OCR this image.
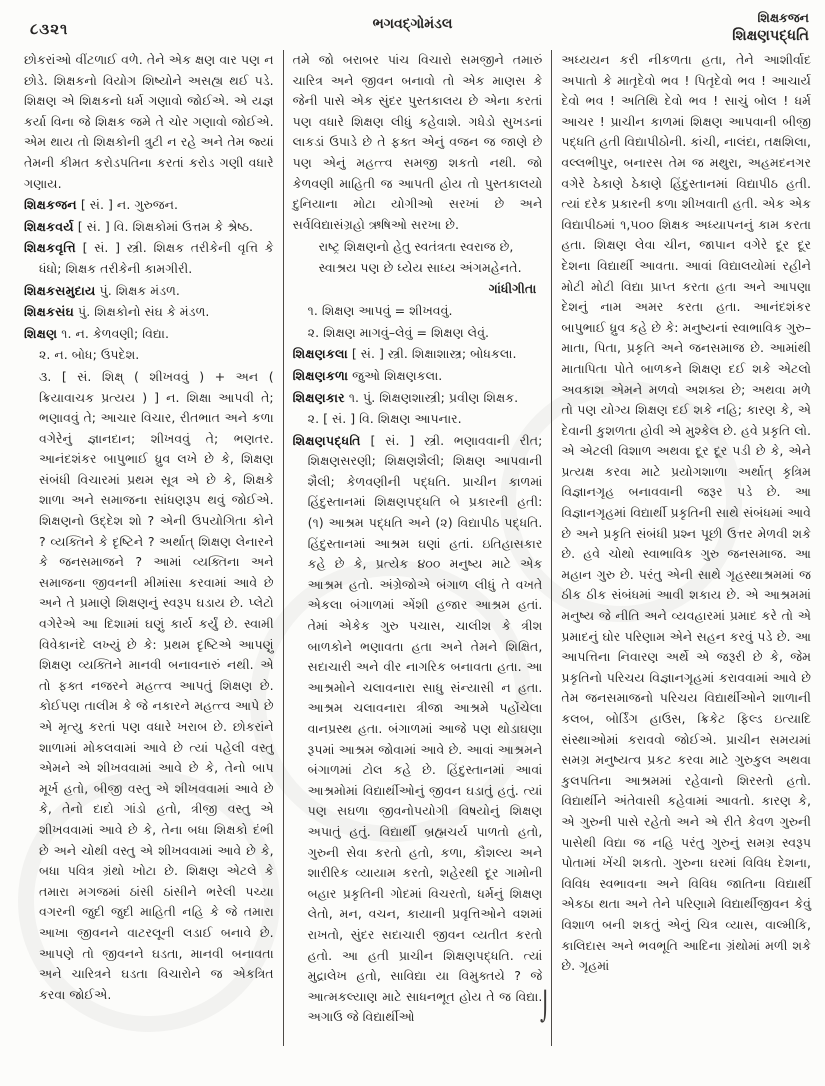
૮૩૨૧	ભગવદ્ગોમંડલ	શિક્ષકજન
શિક્ષણપદ્ધતિ

છોકરાંઓ વીંટળાઈ વળે. તેને એક ક્ષણ વાર પણ ન છોડે. શિક્ષકનો વિયોગ શિષ્યોને અસહ્ય થઈ પડે. શિક્ષણ એ શિક્ષકનો ધર્મ ગણાવો જોઈએ. એ યજ્ઞ કર્યા વિના જે શિક્ષક જમે તે ચોર ગણાવો જોઈએ. એમ થાય તો શિક્ષકોની ત્રુટી ન રહે અને તેમ જ્યાં તેમની કીમત કરોડપતિના કરતાં કરોડ ગણી વધારે ગણાય.

શિક્ષકજન [ સં. ] ન. ગુરુજન.

શિક્ષકવર્ય [ સં. ] વિ. શિક્ષકોમાં ઉત્તમ કે શ્રેષ્ઠ.

શિક્ષકવૃત્તિ [ સં. ] સ્ત્રી. શિક્ષક તરીકેની વૃત્તિ કે ધંધો; શિક્ષક તરીકેની કામગીરી.

શિક્ષકસમુદાય પું. શિક્ષક મંડળ.

શિક્ષકસંઘ પું. શિક્ષકોનો સંઘ કે મંડળ.

શિક્ષણ ૧. ન. કેળવણી; વિદ્યા.

૨. ન. બોધ; ઉપદેશ.

૩. [ સં. શિક્ષ્ ( શીખવવું ) + અન ( ક્રિયાવાચક પ્રત્યય ) ] ન. શિક્ષા આપવી તે; ભણાવવું તે; આચાર વિચાર, રીતભાત અને કળા વગેરેનું જ્ઞાનદાન; શીખવવું તે; ભણતર. આનંદશંકર બાપુભાઈ ધ્રુવ લખે છે કે, શિક્ષણ સંબંધી વિચારમાં પ્રથમ સૂત્ર એ છે કે, શિક્ષકે શાળા અને સમાજના સાંધણરૂપ થવું જોઈએ. શિક્ષણનો ઉદ્દેશ શો ? એની ઉપયોગિતા કોને ? વ્યક્તિને કે દૃષ્ટિને ? અર્થાત્ શિક્ષણ લેનારને કે જનસમાજને ? આમાં વ્યક્તિના અને સમાજના જીવનની મીમાંસા કરવામાં આવે છે અને તે પ્રમાણે શિક્ષણનું સ્વરૂપ ઘડાય છે. પ્લેટો વગેરેએ આ દિશામાં ઘણું કાર્ય કર્યું છે. સ્વામી વિવેકાનંદે લખ્યું છે કે: પ્રથમ દૃષ્ટિએ આપણું શિક્ષણ વ્યક્તિને માનવી બનાવનારું નથી. એ તો ફક્ત નજરને મહત્ત્વ આપતું શિક્ષણ છે. કોઈપણ તાલીમ કે જે નકારને મહત્ત્વ આપે છે એ મૃત્યુ કરતાં પણ વધારે ખરાબ છે. છોકરાંને શાળામાં મોકલવામાં આવે છે ત્યાં પહેલી વસ્તુ એમને એ શીખવવામાં આવે છે કે, તેનો બાપ મૂર્ખ હતો, બીજી વસ્તુ એ શીખવવામાં આવે છે કે, તેનો દાદો ગાંડો હતો, ત્રીજી વસ્તુ એ શીખવવામાં આવે છે કે, તેના બધા શિક્ષકો દંભી છે અને ચોથી વસ્તુ એ શીખવવામાં આવે છે કે, બધા પવિત્ર ગ્રંથો ખોટા છે. શિક્ષણ એટલે કે તમારા મગજમાં ઠાંસી ઠાંસીને ભરેલી પચ્યા વગરની જુદી જુદી માહિતી નહિ કે જે તમારા આખા જીવનને વાટરલૂની લડાઈ બનાવે છે. આપણે તો જીવનને ઘડતા, માનવી બનાવતા અને ચારિત્રને ઘડતા વિચારોને જ એકત્રિત કરવા જોઈએ.

તમે જો બરાબર પાંચ વિચારો સમજીને તમારું ચારિત્ર અને જીવન બનાવો તો એક માણસ કે જેની પાસે એક સુંદર પુસ્તકાલય છે એના કરતાં પણ વધારે શિક્ષણ લીધું કહેવાશે. ગધેડો સુખડનાં લાકડાં ઉપાડે છે તે ફક્ત એનું વજન જ જાણે છે પણ એનું મહત્ત્વ સમજી શકતો નથી. જો કેળવણી માહિતી જ આપતી હોય તો પુસ્તકાલયો દુનિયાના મોટા યોગીઓ સરખાં છે અને સર્વવિદ્યાસંગ્રહો ઋષિઓ સરખા છે.

રાષ્ટ્ર શિક્ષણનો હેતુ સ્વતંત્રતા સ્વરાજ છે,
સ્વાશ્રય પણ છે ધ્યેય સાધ્ય અંગમહેનતે.
ગાંધીગીતા

૧. શિક્ષણ આપવું = શીખવવું.

૨. શિક્ષણ માગવું–લેવું = શિક્ષણ લેવું.

શિક્ષણકલા [ સં. ] સ્ત્રી. શિક્ષાશાસ્ત્ર; બોધકલા.

શિક્ષણકળા જુઓ શિક્ષણકલા.

શિક્ષણકાર ૧. પું. શિક્ષણશાસ્ત્રી; પ્રવીણ શિક્ષક.

૨. [ સં. ] વિ. શિક્ષણ આપનાર.

શિક્ષણપદ્ધતિ [ સં. ] સ્ત્રી. ભણાવવાની રીત; શિક્ષણસરણી; શિક્ષણશૈલી; શિક્ષણ આપવાની શૈલી; કેળવણીની પદ્ધતિ. પ્રાચીન કાળમાં હિંદુસ્તાનમાં શિક્ષણપદ્ધતિ બે પ્રકારની હતી: (૧) આશ્રમ પદ્ધતિ અને (૨) વિદ્યાપીઠ પદ્ધતિ. હિંદુસ્તાનમાં આશ્રમ ઘણાં હતાં. ઇતિહાસકાર કહે છે કે, પ્રત્યેક ૪૦૦ મનુષ્ય માટે એક આશ્રમ હતો. અંગ્રેજોએ બંગાળ લીધું તે વખતે એકલા બંગાળમાં એંશી હજાર આશ્રમ હતાં. તેમાં એકેક ગુરુ પચાસ, ચાલીશ કે ત્રીશ બાળકોને ભણાવતા હતા અને તેમને શિક્ષિત, સદાચારી અને વીર નાગરિક બનાવતા હતા. આ આશ્રમોને ચલાવનારા સાધુ સંન્યાસી ન હતા. આશ્રમ ચલાવનારા ત્રીજા આશ્રમે પહોંચેલા વાનપ્રસ્થ હતા. બંગાળમાં આજે પણ થોડાઘણા રૂપમાં આશ્રમ જોવામાં આવે છે. આવાં આશ્રમને બંગાળમાં ટોલ કહે છે. હિંદુસ્તાનમાં આવાં આશ્રમોમાં વિદ્યાર્થીઓનું જીવન ઘડાતું હતું. ત્યાં પણ સઘળા જીવનોપયોગી વિષયોનું શિક્ષણ અપાતું હતું. વિદ્યાર્થી બ્રહ્મચર્ય પાળતો હતો, ગુરુની સેવા કરતો હતો, કળા, કૌશલ્ય અને શારીરિક વ્યાયામ કરતો, શહેરથી દૂર ગામોની બહાર પ્રકૃતિની ગોદમાં વિચરતો, ધર્મનું શિક્ષણ લેતો, મન, વચન, કાયાની પ્રવૃત્તિઓને વશમાં રાખતો, સુંદર સદાચારી જીવન વ્યતીત કરતો હતો. આ હતી પ્રાચીન શિક્ષણપદ્ધતિ. ત્યાં મુદ્રાલેખ હતો, સાવિદ્યા યા વિમુક્તયે ? જે આત્મકલ્યાણ માટે સાધનભૂત હોય તે જ વિદ્યા. અગાઉ જે વિદ્યાર્થીઓ

અધ્યયન કરી નીકળતા હતા, તેને આશીર્વાદ અપાતો કે માતૃદેવો ભવ ! પિતૃદેવો ભવ ! આચાર્ય દેવો ભવ ! અતિથિ દેવો ભવ ! સાચું બોલ ! ધર્મ આચર ! પ્રાચીન કાળમાં શિક્ષણ આપવાની બીજી પદ્ધતિ હતી વિદ્યાપીઠોની. કાંચી, નાલંદા, તક્ષશિલા, વલ્લભીપુર, બનારસ તેમ જ મથુરા, અહમદનગર વગેરે ઠેકાણે ઠેકાણે હિંદુસ્તાનમાં વિદ્યાપીઠ હતી. ત્યાં દરેક પ્રકારની કળા શીખવાતી હતી. એક એક વિદ્યાપીઠમાં ૧,૫૦૦ શિક્ષક અધ્યાપનનું કામ કરતા હતા. શિક્ષણ લેવા ચીન, જાપાન વગેરે દૂર દૂર દેશના વિદ્યાર્થી આવતા. આવાં વિદ્યાલયોમાં રહીને મોટી મોટી વિદ્યા પ્રાપ્ત કરતા હતા અને આપણા દેશનું નામ અમર કરતા હતા. આનંદશંકર બાપુભાઈ ધ્રુવ કહે છે કે: મનુષ્યનાં સ્વાભાવિક ગુરુ–માતા, પિતા, પ્રકૃતિ અને જનસમાજ છે. આમાંથી માતાપિતા પોતે બાળકને શિક્ષણ દઈ શકે એટલો અવકાશ એમને મળવો અશક્ય છે; અથવા મળે તો પણ યોગ્ય શિક્ષણ દઈ શકે નહિ; કારણ કે, એ દેવાની કુશળતા હોવી એ મુશ્કેલ છે. હવે પ્રકૃતિ લો. એ એટલી વિશાળ અથવા દૂર દૂર પડી છે કે, એને પ્રત્યક્ષ કરવા માટે પ્રયોગશાળા અર્થાત્ કૃત્રિમ વિજ્ઞાનગૃહ બનાવવાની જરૂર પડે છે. આ વિજ્ઞાનગૃહમાં વિદ્યાર્થી પ્રકૃતિની સાથે સંબંધમાં આવે છે અને પ્રકૃતિ સંબંધી પ્રશ્ન પૂછી ઉત્તર મેળવી શકે છે. હવે ચોથો સ્વાભાવિક ગુરુ જનસમાજ. આ મહાન ગુરુ છે. પરંતુ એની સાથે ગૃહસ્થાશ્રમમાં જ ઠીક ઠીક સંબંધમાં આવી શકાય છે. એ આશ્રમમાં મનુષ્ય જે નીતિ અને વ્યવહારમાં પ્રમાદ કરે તો એ પ્રમાદનું ઘોર પરિણામ એને સહન કરવું પડે છે. આ આપત્તિના નિવારણ અર્થે એ જરૂરી છે કે, જેમ પ્રકૃતિનો પરિચય વિજ્ઞાનગૃહમાં કરાવવામાં આવે છે તેમ જનસમાજનો પરિચય વિદ્યાર્થીઓને શાળાની કલબ, બોર્ડિંગ હાઉસ, ક્રિકેટ ફિલ્ડ ઇત્યાદિ સંસ્થાઓમાં કરાવવો જોઈએ. પ્રાચીન સમયમાં સમગ્ર મનુષ્યત્વ પ્રકટ કરવા માટે ગુરુકુલ અથવા કુલપતિના આશ્રમમાં રહેવાનો શિરસ્તો હતો. વિદ્યાર્થીને અંતેવાસી કહેવામાં આવતો. કારણ કે, એ ગુરુની પાસે રહેતો અને એ રીતે કેવળ ગુરુની પાસેથી વિદ્યા જ નહિ પરંતુ ગુરુનું સમગ્ર સ્વરૂપ પોતામાં ખેંચી શકતો. ગુરુના ઘરમાં વિવિધ દેશના, વિવિધ સ્વભાવના અને વિવિધ જાતિના વિદ્યાર્થી એકઠા થતા અને તેને પરિણામે વિદ્યાર્થીજીવન કેવું વિશાળ બની શકતું એનું ચિત્ર વ્યાસ, વાલ્મીકિ, કાલિદાસ અને ભવભૂતિ આદિના ગ્રંથોમાં મળી શકે છે. ગૃહમાં

⌡
